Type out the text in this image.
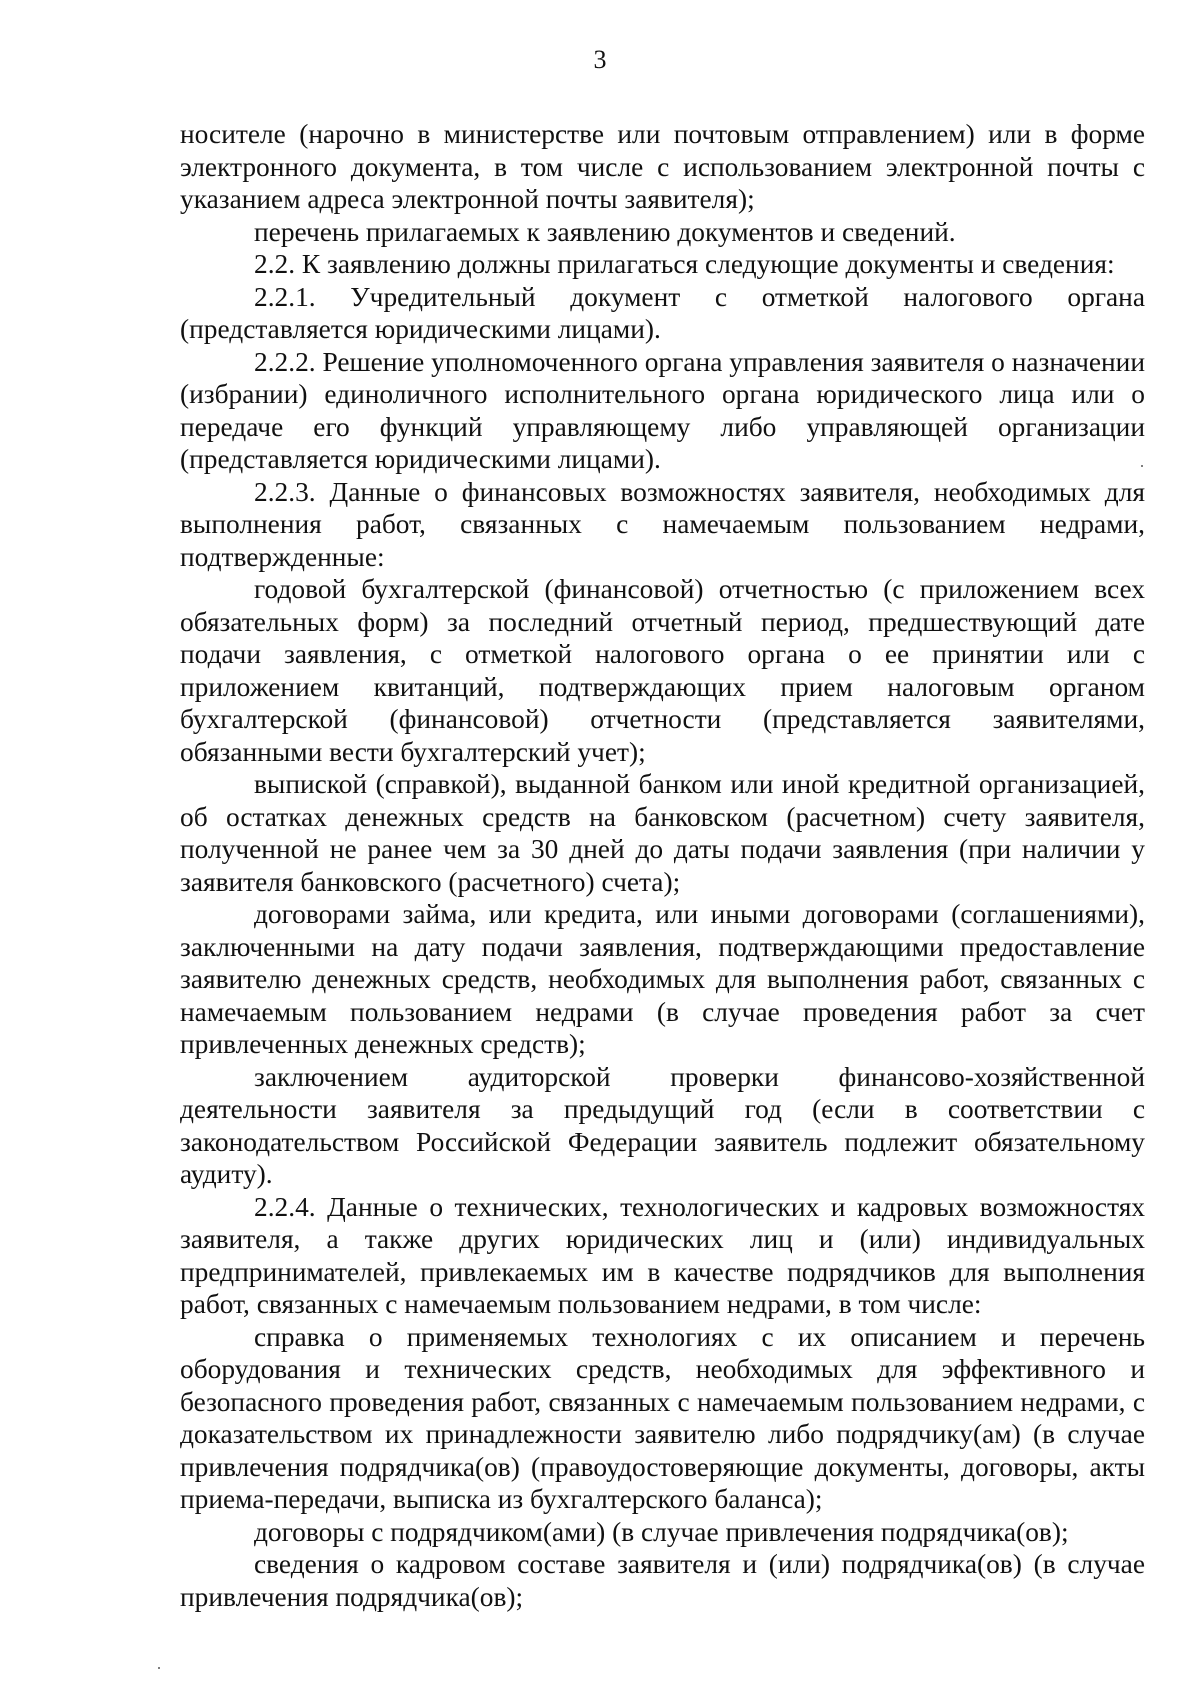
3

носителе (нарочно в министерстве или почтовым отправлением) или в форме электронного документа, в том числе с использованием электронной почты с указанием адреса электронной почты заявителя);

перечень прилагаемых к заявлению документов и сведений.

2.2. К заявлению должны прилагаться следующие документы и сведения:

2.2.1. Учредительный документ с отметкой налогового органа (представляется юридическими лицами).

2.2.2. Решение уполномоченного органа управления заявителя о назначении (избрании) единоличного исполнительного органа юридического лица или о передаче его функций управляющему либо управляющей организации (представляется юридическими лицами).

2.2.3. Данные о финансовых возможностях заявителя, необходимых для выполнения работ, связанных с намечаемым пользованием недрами, подтвержденные:

годовой бухгалтерской (финансовой) отчетностью (с приложением всех обязательных форм) за последний отчетный период, предшествующий дате подачи заявления, с отметкой налогового органа о ее принятии или с приложением квитанций, подтверждающих прием налоговым органом бухгалтерской (финансовой) отчетности (представляется заявителями, обязанными вести бухгалтерский учет);

выпиской (справкой), выданной банком или иной кредитной организацией, об остатках денежных средств на банковском (расчетном) счету заявителя, полученной не ранее чем за 30 дней до даты подачи заявления (при наличии у заявителя банковского (расчетного) счета);

договорами займа, или кредита, или иными договорами (соглашениями), заключенными на дату подачи заявления, подтверждающими предоставление заявителю денежных средств, необходимых для выполнения работ, связанных с намечаемым пользованием недрами (в случае проведения работ за счет привлеченных денежных средств);

заключением аудиторской проверки финансово-хозяйственной деятельности заявителя за предыдущий год (если в соответствии с законодательством Российской Федерации заявитель подлежит обязательному аудиту).

2.2.4. Данные о технических, технологических и кадровых возможностях заявителя, а также других юридических лиц и (или) индивидуальных предпринимателей, привлекаемых им в качестве подрядчиков для выполнения работ, связанных с намечаемым пользованием недрами, в том числе:

справка о применяемых технологиях с их описанием и перечень оборудования и технических средств, необходимых для эффективного и безопасного проведения работ, связанных с намечаемым пользованием недрами, с доказательством их принадлежности заявителю либо подрядчику(ам) (в случае привлечения подрядчика(ов) (правоудостоверяющие документы, договоры, акты приема-передачи, выписка из бухгалтерского баланса);

договоры с подрядчиком(ами) (в случае привлечения подрядчика(ов);

сведения о кадровом составе заявителя и (или) подрядчика(ов) (в случае привлечения подрядчика(ов);
